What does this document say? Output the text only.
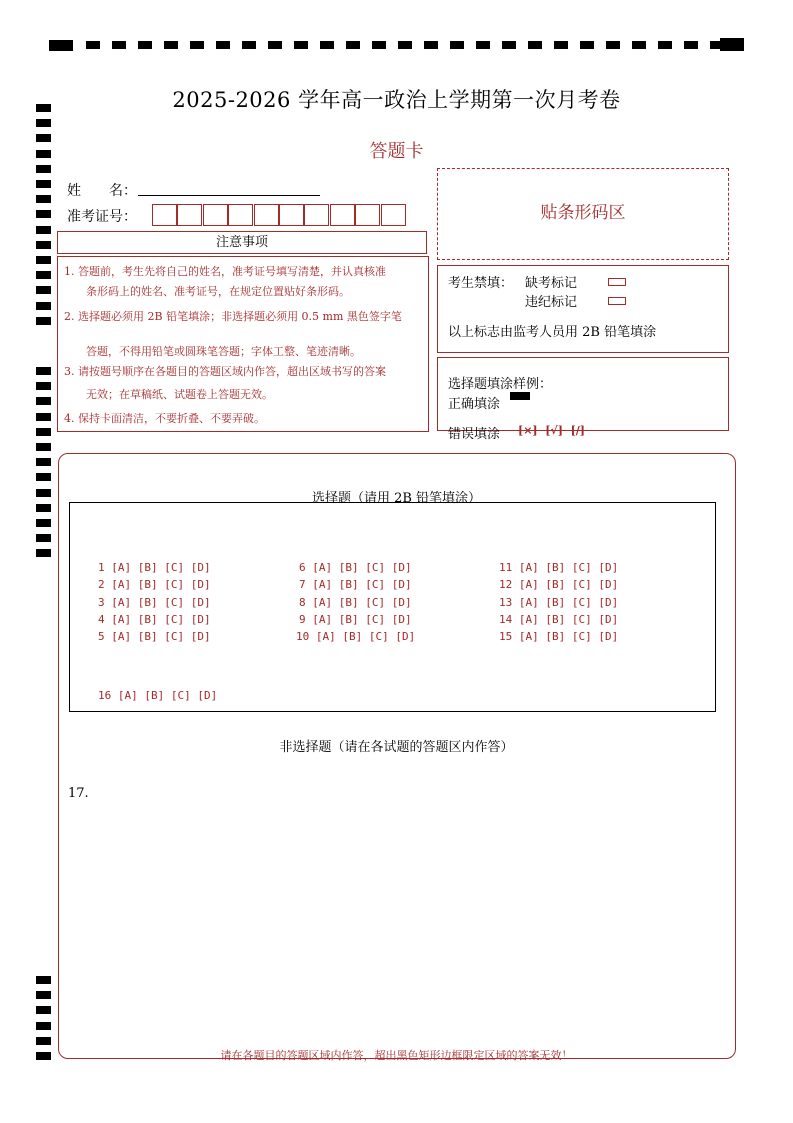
2025-2026 学年高一政治上学期第一次月考卷
答题卡
姓　　名：
准考证号：
注意事项
1. 答题前，考生先将自己的姓名，准考证号填写清楚，并认真核准
　　条形码上的姓名、准考证号，在规定位置贴好条形码。
2. 选择题必须用 2B 铅笔填涂；非选择题必须用 0.5 mm 黑色签字笔
　　答题，不得用铅笔或圆珠笔答题；字体工整、笔迹清晰。
3. 请按题号顺序在各题目的答题区域内作答，超出区域书写的答案
　　无效；在草稿纸、试题卷上答题无效。
4. 保持卡面清洁，不要折叠、不要弄破。
贴条形码区
考生禁填： 缺考标记
违纪标记
以上标志由监考人员用 2B 铅笔填涂
选择题填涂样例：
正确填涂
错误填涂 [×]  [√]  [/]
选择题（请用 2B 铅笔填涂）
1 [A] [B] [C] [D]
2 [A] [B] [C] [D]
3 [A] [B] [C] [D]
4 [A] [B] [C] [D]
5 [A] [B] [C] [D]
6 [A] [B] [C] [D]
7 [A] [B] [C] [D]
8 [A] [B] [C] [D]
9 [A] [B] [C] [D]
10 [A] [B] [C] [D]
11 [A] [B] [C] [D]
12 [A] [B] [C] [D]
13 [A] [B] [C] [D]
14 [A] [B] [C] [D]
15 [A] [B] [C] [D]
16 [A] [B] [C] [D]
非选择题（请在各试题的答题区内作答）
17.
请在各题目的答题区域内作答，超出黑色矩形边框限定区域的答案无效！
